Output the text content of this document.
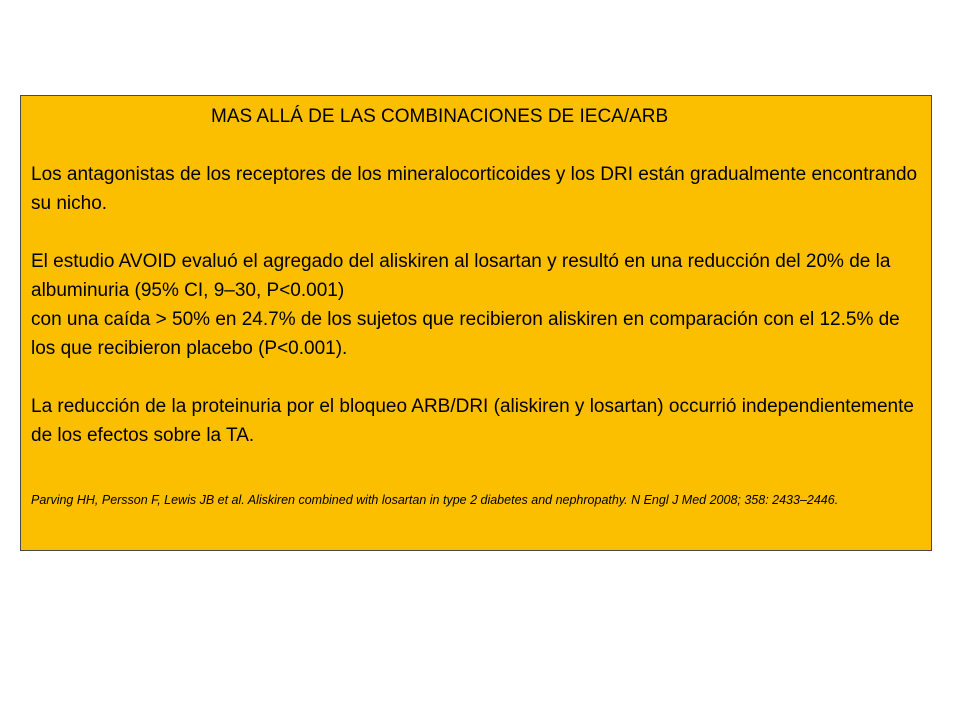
MAS ALLÁ DE LAS COMBINACIONES DE IECA/ARB

Los antagonistas de los receptores de los mineralocorticoides y los DRI están gradualmente encontrando su nicho.

El estudio AVOID evaluó el agregado del aliskiren al losartan y resultó en una reducción del 20% de la albuminuria (95% CI, 9–30, P<0.001)

con una caída > 50% en 24.7% de los sujetos que recibieron aliskiren en comparación con el 12.5% de los que recibieron placebo (P<0.001).

La reducción de la proteinuria por el bloqueo ARB/DRI (aliskiren y losartan) occurrió independientemente de los efectos sobre la TA.

Parving HH, Persson F, Lewis JB et al. Aliskiren combined with losartan in type 2 diabetes and nephropathy. N Engl J Med 2008; 358: 2433–2446.
